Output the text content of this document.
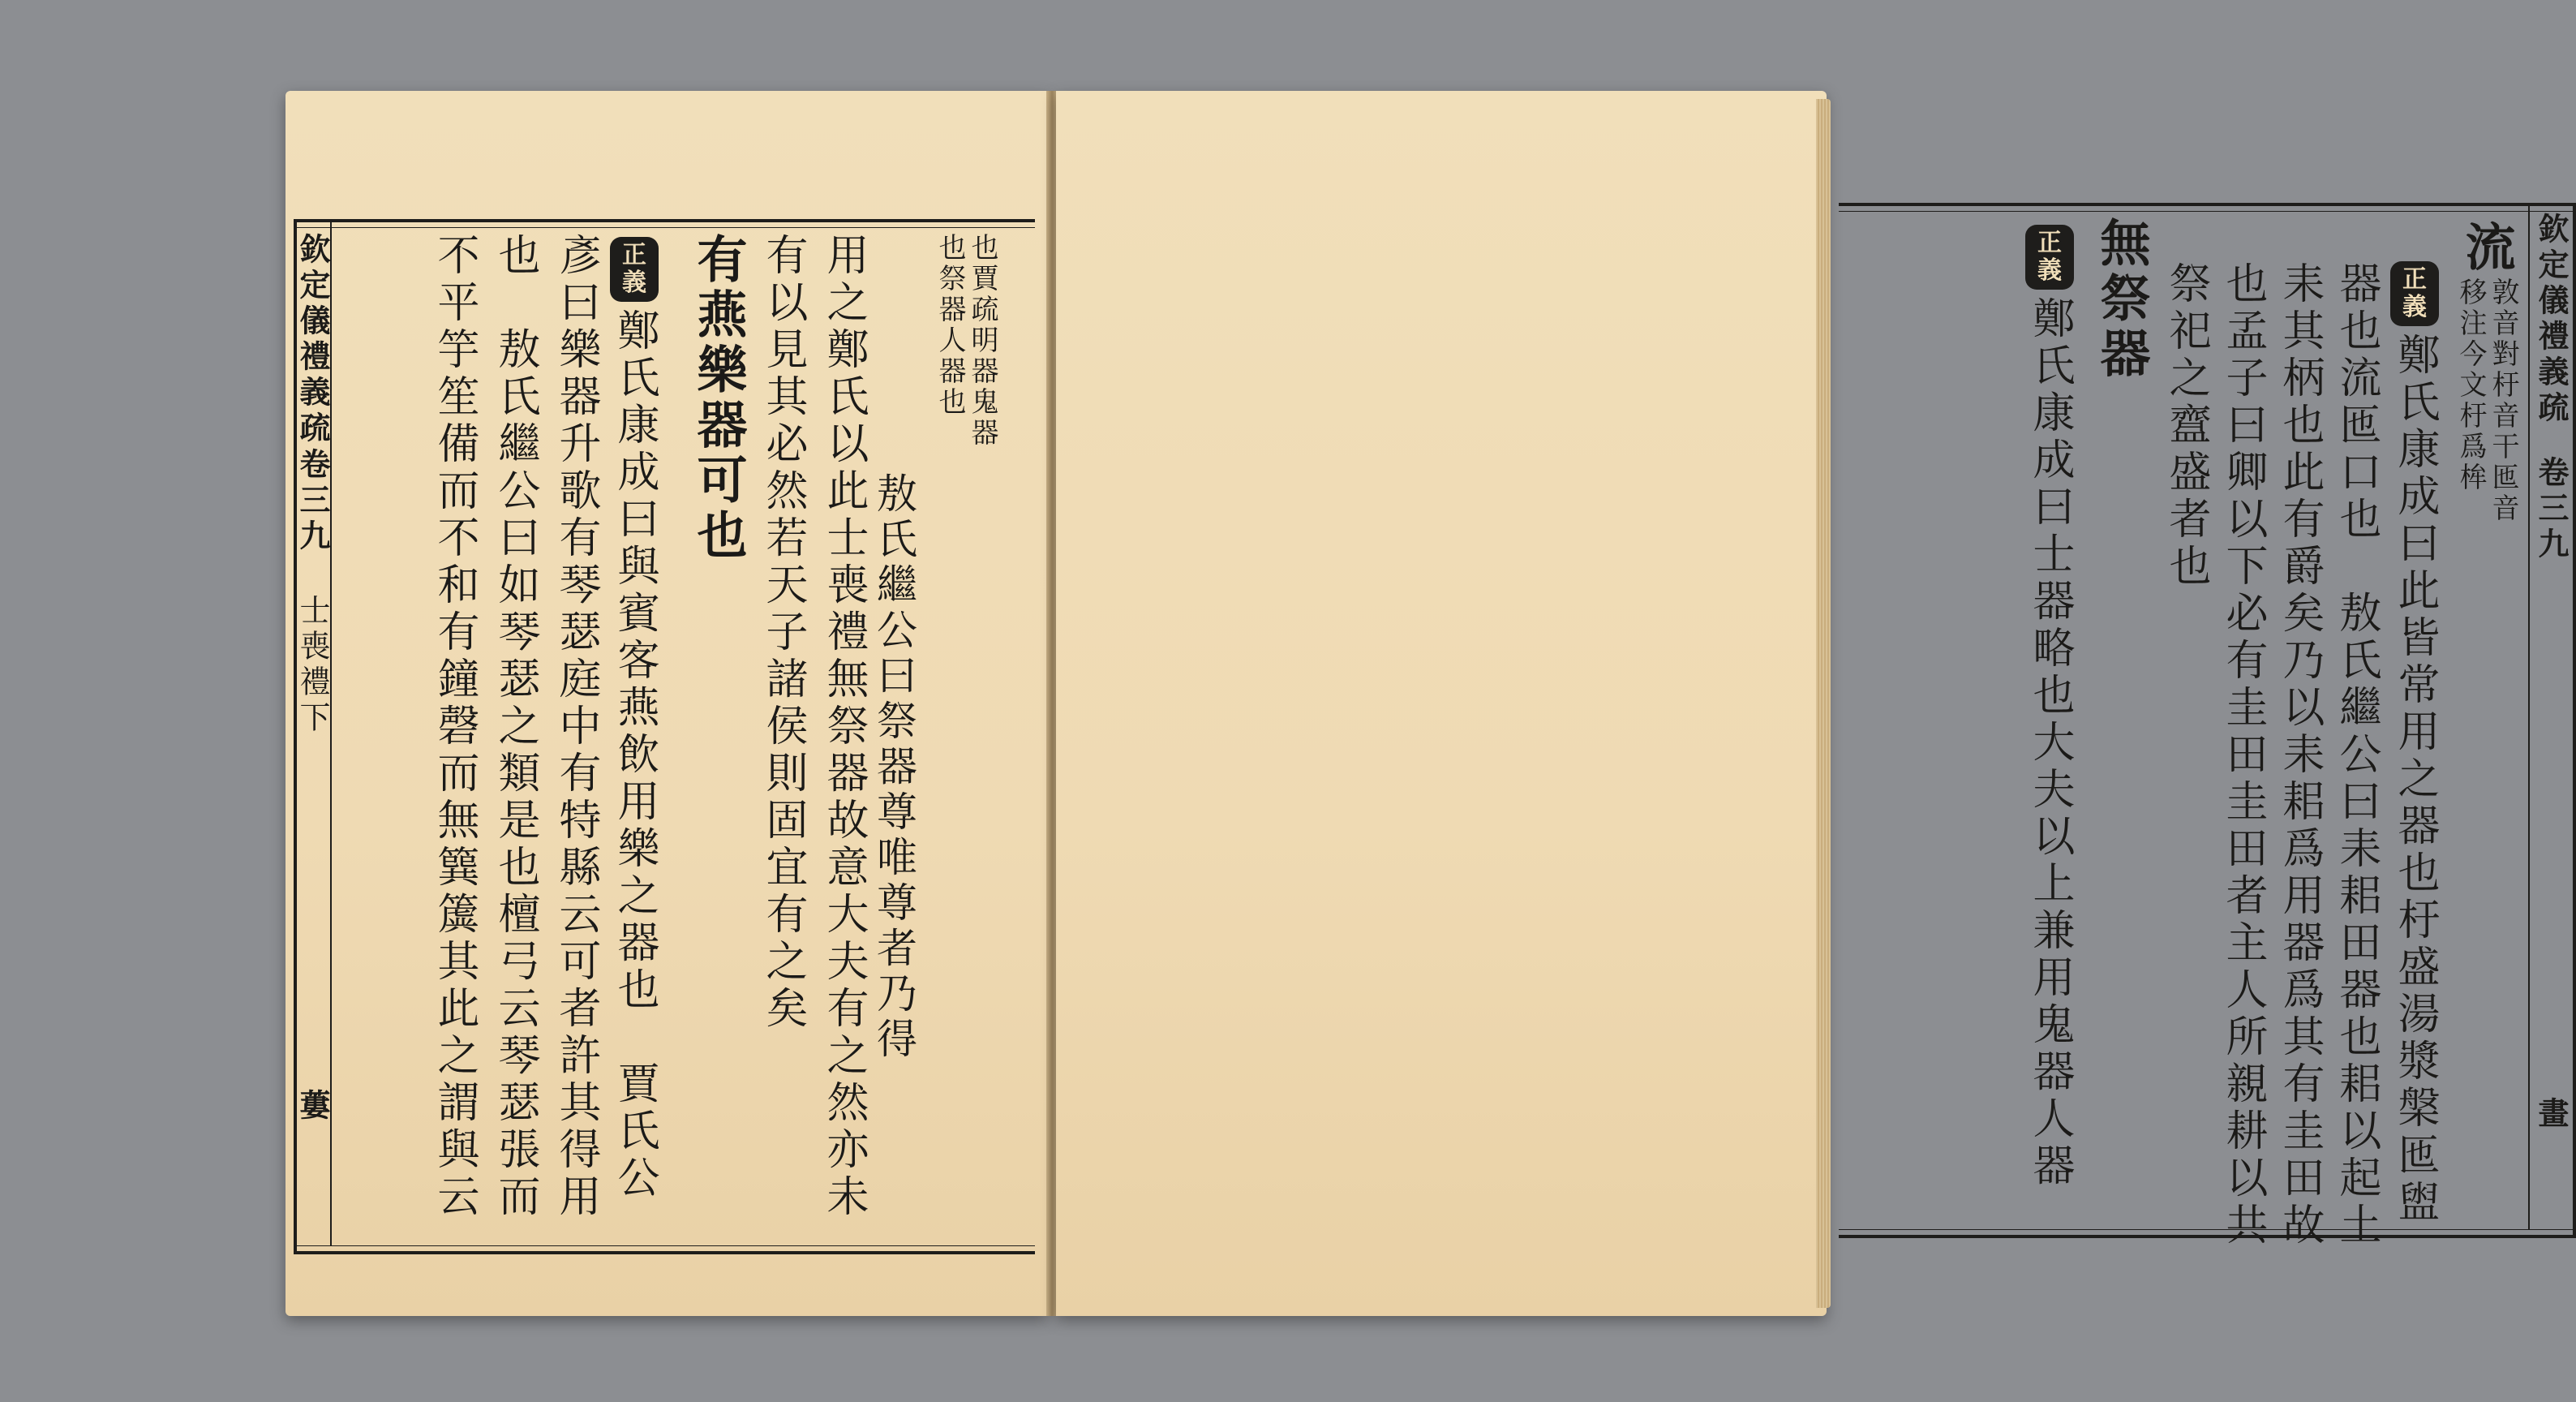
欽定儀禮義疏
卷三九
士喪禮下
蔞
也賈疏明器鬼器
也祭器人器也
敖氏繼公曰祭器尊唯尊者乃得
用之鄭氏以此士喪禮無祭器故意大夫有之然亦未
有以見其必然若天子諸侯則固宜有之矣
有燕樂器可也
正義鄭氏康成曰與賓客燕飲用樂之器也　賈氏公
彥曰樂器升歌有琴瑟庭中有特縣云可者許其得用
也　敖氏繼公曰如琴瑟之類是也檀弓云琴瑟張而
不平竽笙備而不和有鐘磬而無簨簴其此之謂與云	欽定儀禮義疏
卷三九
畫
流
敦音對杅音干匜音
移注今文杅爲桙
正義鄭氏康成曰此皆常用之器也杅盛湯漿槃匜盥
器也流匜口也　敖氏繼公曰耒耜田器也耜以起土
耒其柄也此有爵矣乃以耒耜爲用器爲其有圭田故
也孟子曰卿以下必有圭田圭田者主人所親耕以共
祭祀之齍盛者也
無祭器
正義鄭氏康成曰士器略也大夫以上兼用鬼器人器
